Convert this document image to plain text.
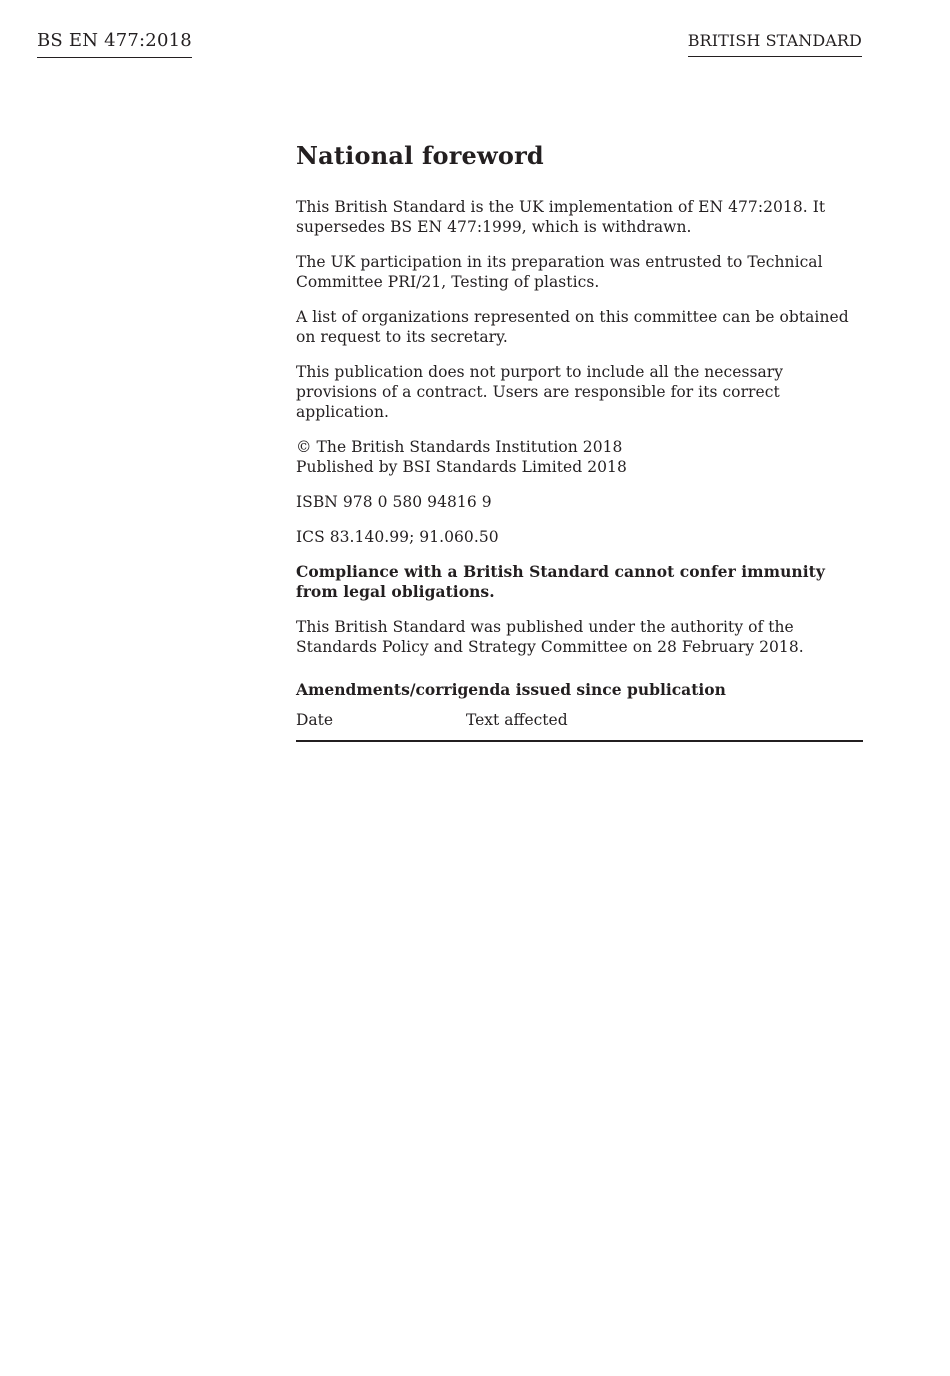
BS EN 477:2018	BRITISH STANDARD
National foreword

This British Standard is the UK implementation of EN 477:2018. It supersedes BS EN 477:1999, which is withdrawn.

The UK participation in its preparation was entrusted to Technical Committee PRI/21, Testing of plastics.

A list of organizations represented on this committee can be obtained on request to its secretary.

This publication does not purport to include all the necessary provisions of a contract. Users are responsible for its correct application.

© The British Standards Institution 2018
Published by BSI Standards Limited 2018

ISBN 978 0 580 94816 9

ICS 83.140.99; 91.060.50

Compliance with a British Standard cannot confer immunity from legal obligations.

This British Standard was published under the authority of the Standards Policy and Strategy Committee on 28 February 2018.

Amendments/corrigenda issued since publication
Date	Text affected
